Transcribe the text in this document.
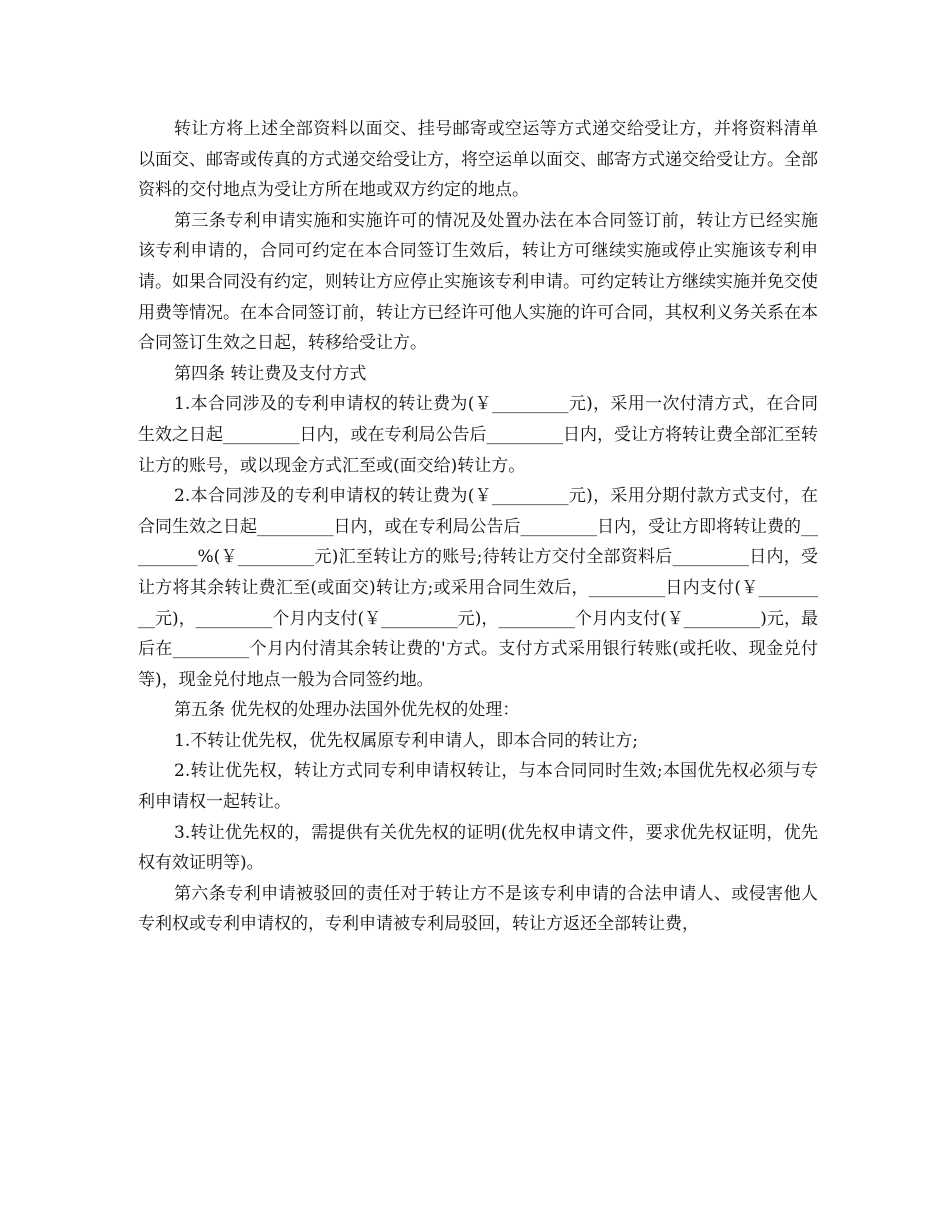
转让方将上述全部资料以面交、挂号邮寄或空运等方式递交给受让方，并将资料清单以面交、邮寄或传真的方式递交给受让方，将空运单以面交、邮寄方式递交给受让方。全部资料的交付地点为受让方所在地或双方约定的地点。

第三条专利申请实施和实施许可的情况及处置办法在本合同签订前，转让方已经实施该专利申请的，合同可约定在本合同签订生效后，转让方可继续实施或停止实施该专利申请。如果合同没有约定，则转让方应停止实施该专利申请。可约定转让方继续实施并免交使用费等情况。在本合同签订前，转让方已经许可他人实施的许可合同，其权利义务关系在本合同签订生效之日起，转移给受让方。

第四条 转让费及支付方式

1.本合同涉及的专利申请权的转让费为(￥_________元)，采用一次付清方式，在合同生效之日起_________日内，或在专利局公告后_________日内，受让方将转让费全部汇至转让方的账号，或以现金方式汇至或(面交给)转让方。

2.本合同涉及的专利申请权的转让费为(￥_________元)，采用分期付款方式支付，在合同生效之日起_________日内，或在专利局公告后_________日内，受让方即将转让费的_________%(￥_________元)汇至转让方的账号;待转让方交付全部资料后_________日内，受让方将其余转让费汇至(或面交)转让方;或采用合同生效后，_________日内支付(￥_________元)，_________个月内支付(￥_________元)，_________个月内支付(￥_________)元，最后在_________个月内付清其余转让费的'方式。支付方式采用银行转账(或托收、现金兑付等)，现金兑付地点一般为合同签约地。

第五条 优先权的处理办法国外优先权的处理：

1.不转让优先权，优先权属原专利申请人，即本合同的转让方;

2.转让优先权，转让方式同专利申请权转让，与本合同同时生效;本国优先权必须与专利申请权一起转让。

3.转让优先权的，需提供有关优先权的证明(优先权申请文件，要求优先权证明，优先权有效证明等)。

第六条专利申请被驳回的责任对于转让方不是该专利申请的合法申请人、或侵害他人专利权或专利申请权的，专利申请被专利局驳回，转让方返还全部转让费，
